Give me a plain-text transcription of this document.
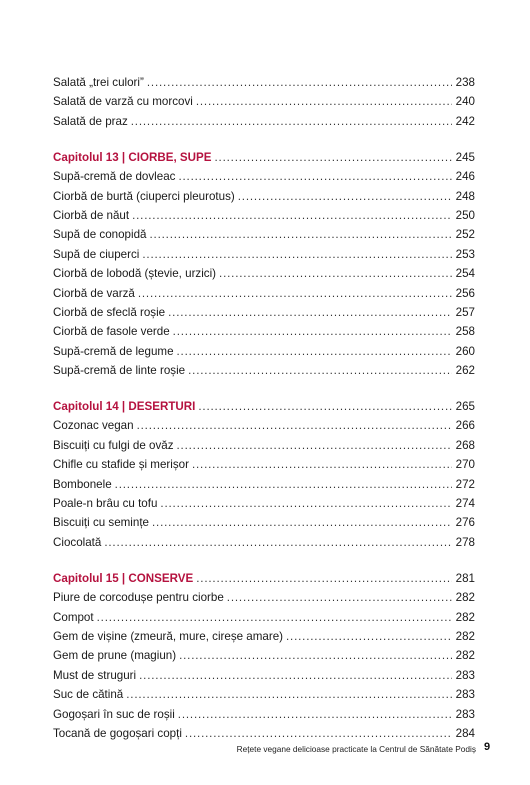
Salată „trei culori” . . .	238
Salată de varză cu morcovi . . .	240
Salată de praz . . .	242
Capitolul 13 | CIORBE, SUPE . . .	245
Supă-cremă de dovleac . . .	246
Ciorbă de burtă (ciuperci pleurotus) . . .	248
Ciorbă de năut . . .	250
Supă de conopidă . . .	252
Supă de ciuperci . . .	253
Ciorbă de lobodă (ștevie, urzici) . . .	254
Ciorbă de varză . . .	256
Ciorbă de sfeclă roșie . . .	257
Ciorbă de fasole verde . . .	258
Supă-cremă de legume . . .	260
Supă-cremă de linte roșie . . .	262
Capitolul 14 | DESERTURI . . .	265
Cozonac vegan . . .	266
Biscuiți cu fulgi de ovăz . . .	268
Chifle cu stafide și merișor . . .	270
Bombonele . . .	272
Poale-n brâu cu tofu . . .	274
Biscuiți cu semințe . . .	276
Ciocolată . . .	278
Capitolul 15 | CONSERVE . . .	281
Piure de corcodușe pentru ciorbe . . .	282
Compot . . .	282
Gem de vișine (zmeură, mure, cireșe amare) . . .	282
Gem de prune (magiun) . . .	282
Must de struguri . . .	283
Suc de cătină . . .	283
Gogoșari în suc de roșii . . .	283
Tocană de gogoșari copți . . .	284
Rețete vegane delicioase practicate la Centrul de Sănătate Podiș 9
